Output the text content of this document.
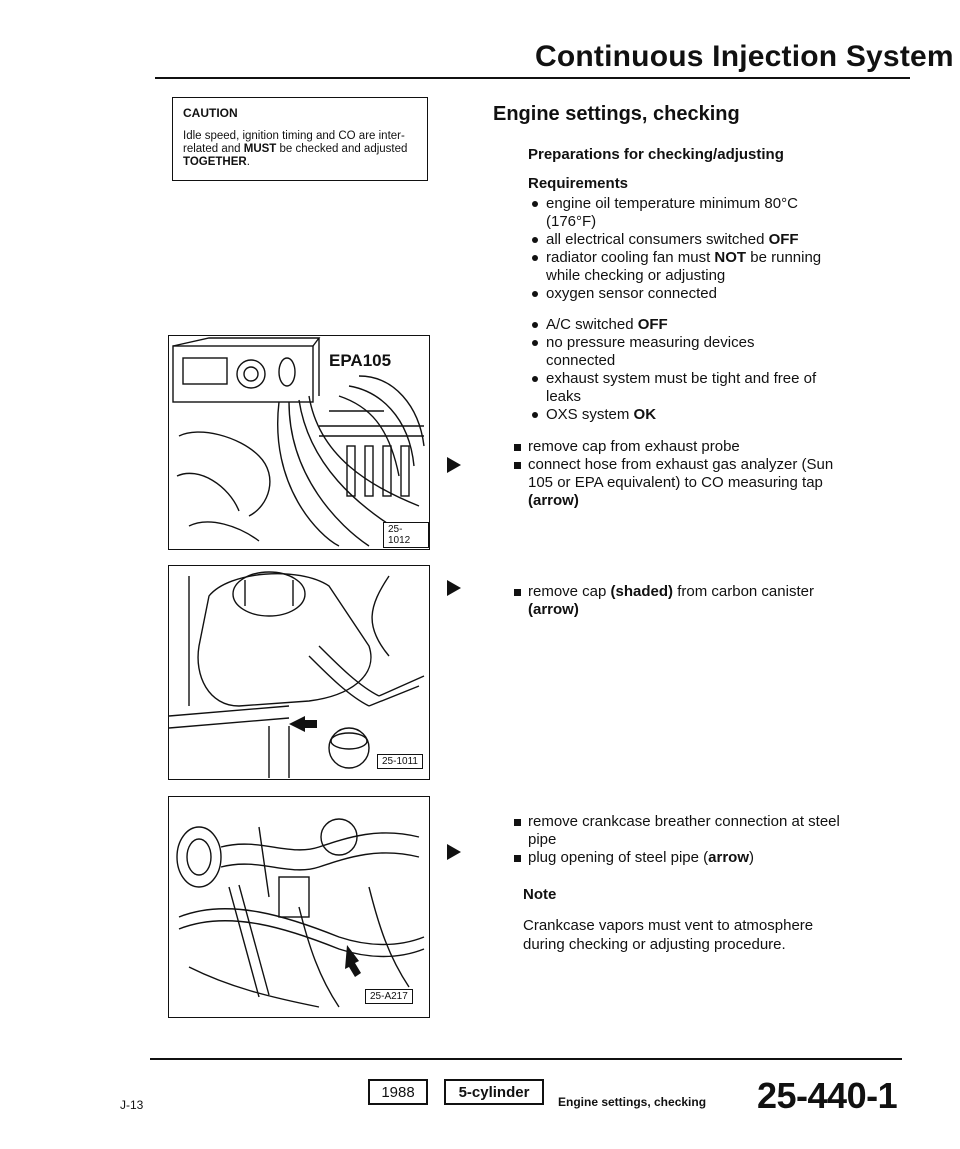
Continuous Injection System
CAUTION
Idle speed, ignition timing and CO are inter-related and MUST be checked and adjusted TOGETHER.
Engine settings, checking
Preparations for checking/adjusting
Requirements
engine oil temperature minimum 80°C (176°F)
all electrical consumers switched OFF
radiator cooling fan must NOT be running while checking or adjusting
oxygen sensor connected
A/C switched OFF
no pressure measuring devices connected
exhaust system must be tight and free of leaks
OXS system OK
remove cap from exhaust probe
connect hose from exhaust gas analyzer (Sun 105 or EPA equivalent) to CO measuring tap (arrow)
remove cap (shaded) from carbon canister (arrow)
remove crankcase breather connection at steel pipe
plug opening of steel pipe (arrow)
Note
Crankcase vapors must vent to atmosphere during checking or adjusting procedure.
EPA105
25-1012
25-1011
25-A217
J-13
1988	5-cylinder
Engine settings, checking 25-440-1
